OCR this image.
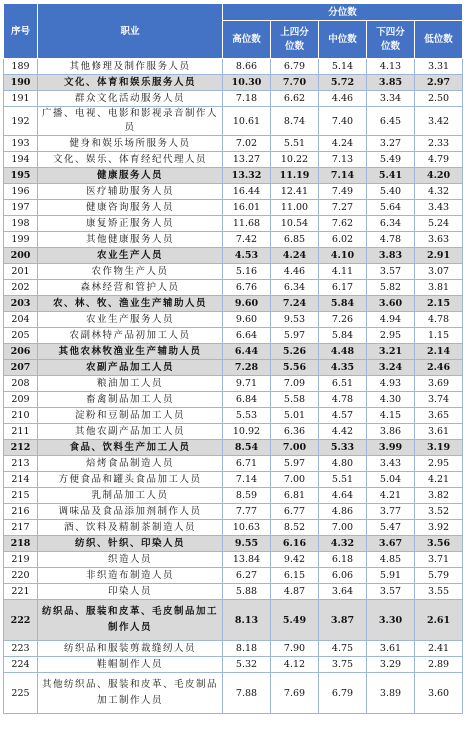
序号	职业	分位数				
		高位数	上四分位数	中位数	下四分位数	低位数
189	其他修理及制作服务人员	8.66	6.79	5.14	4.13	3.31
190	文化、体育和娱乐服务人员	10.30	7.70	5.72	3.85	2.97
191	群众文化活动服务人员	7.18	6.62	4.46	3.34	2.50
192	广播、电视、电影和影视录音制作人员	10.61	8.74	7.40	6.45	3.42
193	健身和娱乐场所服务人员	7.02	5.51	4.24	3.27	2.33
194	文化、娱乐、体育经纪代理人员	13.27	10.22	7.13	5.49	4.79
195	健康服务人员	13.32	11.19	7.14	5.41	4.20
196	医疗辅助服务人员	16.44	12.41	7.49	5.40	4.32
197	健康咨询服务人员	16.01	11.00	7.27	5.64	3.43
198	康复矫正服务人员	11.68	10.54	7.62	6.34	5.24
199	其他健康服务人员	7.42	6.85	6.02	4.78	3.63
200	农业生产人员	4.53	4.24	4.10	3.83	2.91
201	农作物生产人员	5.16	4.46	4.11	3.57	3.07
202	森林经营和管护人员	6.76	6.34	6.17	5.82	3.81
203	农、林、牧、渔业生产辅助人员	9.60	7.24	5.84	3.60	2.15
204	农业生产服务人员	9.60	9.53	7.26	4.94	4.78
205	农副林特产品初加工人员	6.64	5.97	5.84	2.95	1.15
206	其他农林牧渔业生产辅助人员	6.44	5.26	4.48	3.21	2.14
207	农副产品加工人员	7.28	5.56	4.35	3.24	2.46
208	粮油加工人员	9.71	7.09	6.51	4.93	3.69
209	畜禽制品加工人员	6.84	5.58	4.78	4.30	3.74
210	淀粉和豆制品加工人员	5.53	5.01	4.57	4.15	3.65
211	其他农副产品加工人员	10.92	6.36	4.42	3.86	3.61
212	食品、饮料生产加工人员	8.54	7.00	5.33	3.99	3.19
213	焙烤食品制造人员	6.71	5.97	4.80	3.43	2.95
214	方便食品和罐头食品加工人员	7.14	7.00	5.51	5.04	4.21
215	乳制品加工人员	8.59	6.81	4.64	4.21	3.82
216	调味品及食品添加剂制作人员	7.77	6.77	4.86	3.77	3.52
217	酒、饮料及精制茶制造人员	10.63	8.52	7.00	5.47	3.92
218	纺织、针织、印染人员	9.55	6.16	4.32	3.67	3.56
219	织造人员	13.84	9.42	6.18	4.85	3.71
220	非织造布制造人员	6.27	6.15	6.06	5.91	5.79
221	印染人员	5.88	4.87	3.64	3.57	3.55
222	纺织品、服装和皮革、毛皮制品加工制作人员	8.13	5.49	3.87	3.30	2.61
223	纺织品和服装剪裁缝纫人员	8.18	7.90	4.75	3.61	2.41
224	鞋帽制作人员	5.32	4.12	3.75	3.29	2.89
225	其他纺织品、服装和皮革、毛皮制品加工制作人员	7.88	7.69	6.79	3.89	3.60
